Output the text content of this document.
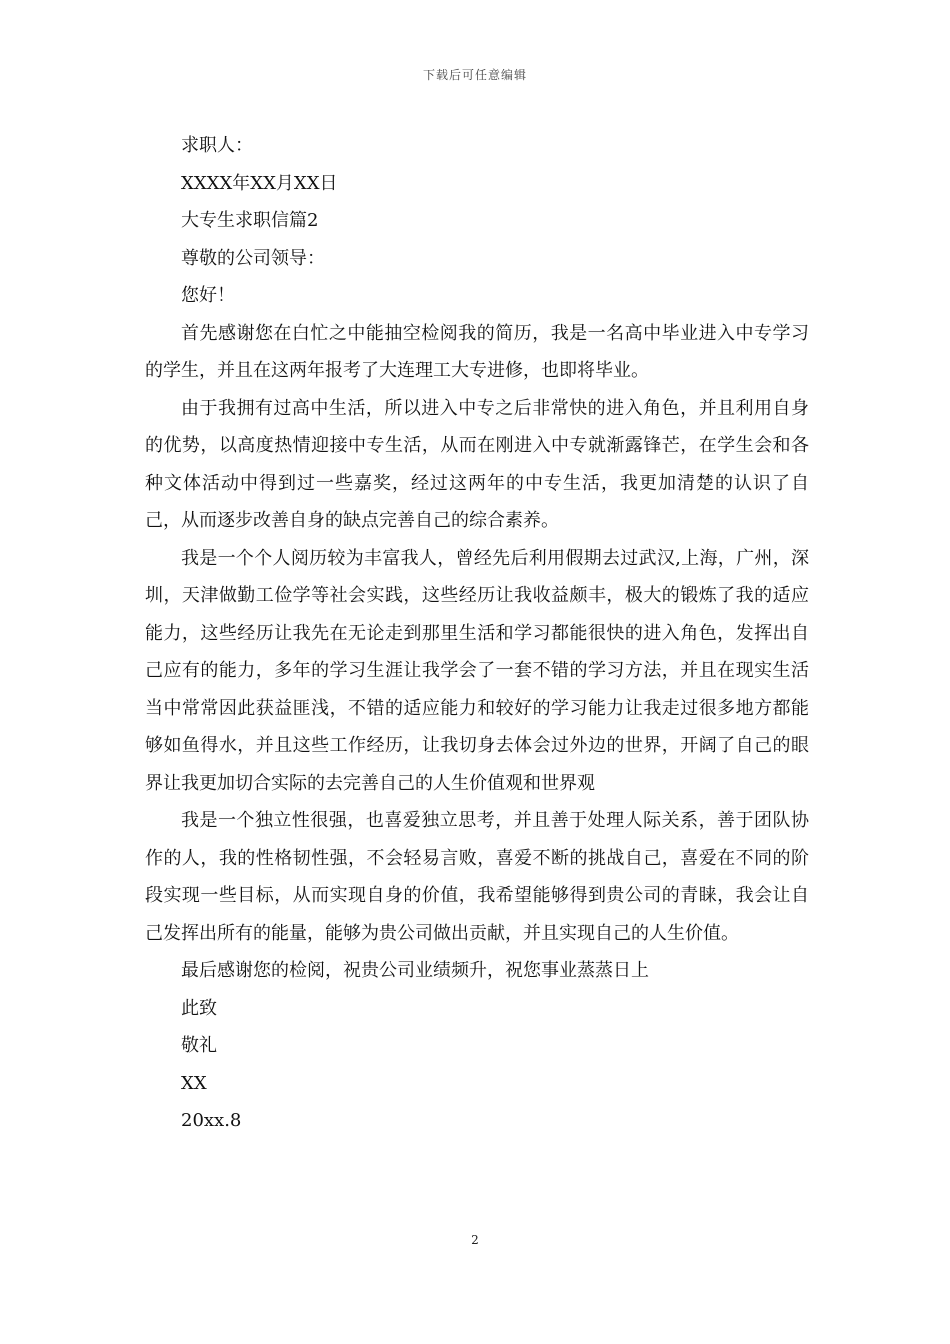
下载后可任意编辑
求职人：
XXXX年XX月XX日
大专生求职信篇2
尊敬的公司领导：
您好！

首先感谢您在白忙之中能抽空检阅我的简历，我是一名高中毕业进入中专学习的学生，并且在这两年报考了大连理工大专进修，也即将毕业。

由于我拥有过高中生活，所以进入中专之后非常快的进入角色，并且利用自身的优势，以高度热情迎接中专生活，从而在刚进入中专就渐露锋芒，在学生会和各种文体活动中得到过一些嘉奖，经过这两年的中专生活，我更加清楚的认识了自己，从而逐步改善自身的缺点完善自己的综合素养。

我是一个个人阅历较为丰富我人，曾经先后利用假期去过武汉,上海，广州，深圳，天津做勤工俭学等社会实践，这些经历让我收益颇丰，极大的锻炼了我的适应能力，这些经历让我先在无论走到那里生活和学习都能很快的进入角色，发挥出自己应有的能力，多年的学习生涯让我学会了一套不错的学习方法，并且在现实生活当中常常因此获益匪浅，不错的适应能力和较好的学习能力让我走过很多地方都能够如鱼得水，并且这些工作经历，让我切身去体会过外边的世界，开阔了自己的眼界让我更加切合实际的去完善自己的人生价值观和世界观

我是一个独立性很强，也喜爱独立思考，并且善于处理人际关系，善于团队协作的人，我的性格韧性强，不会轻易言败，喜爱不断的挑战自己，喜爱在不同的阶段实现一些目标，从而实现自身的价值，我希望能够得到贵公司的青睐，我会让自己发挥出所有的能量，能够为贵公司做出贡献，并且实现自己的人生价值。

最后感谢您的检阅，祝贵公司业绩频升，祝您事业蒸蒸日上
此致
敬礼
XX
20xx.8
2
